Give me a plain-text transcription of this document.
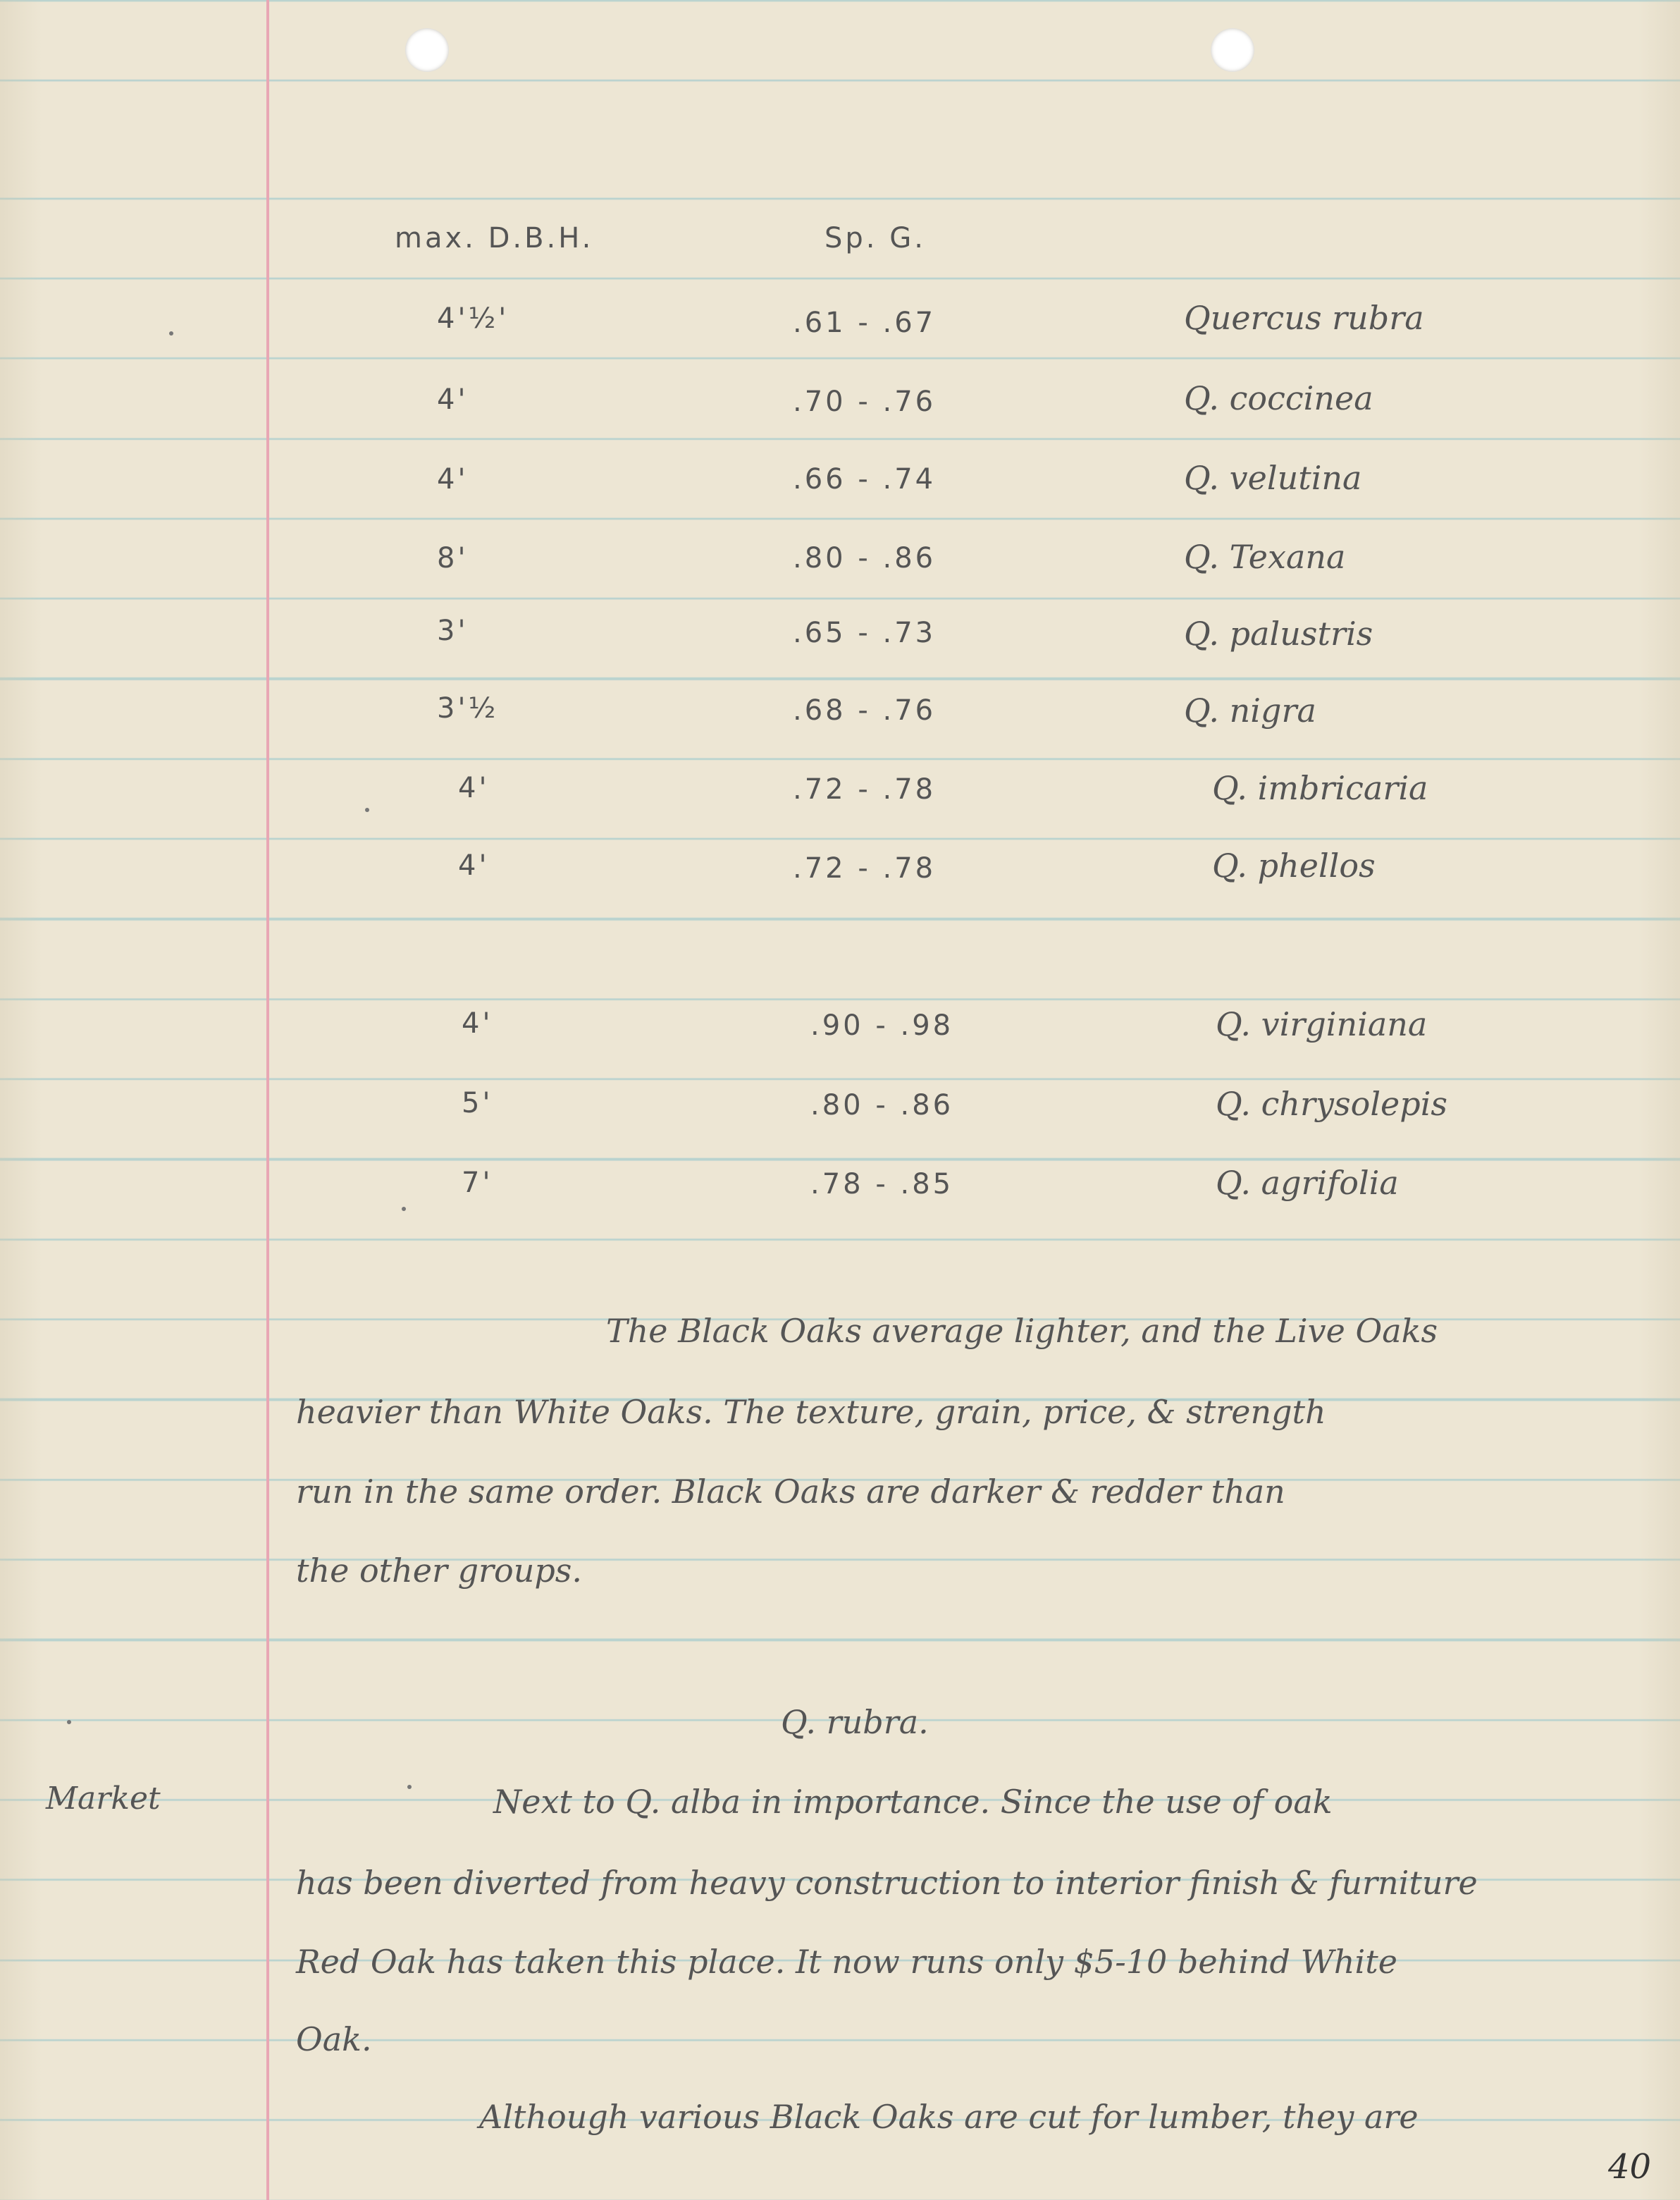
max. D.B.H.	Sp. G.
4'½'	.61 - .67	Quercus rubra
4'	.70 - .76	Q. coccinea
4'	.66 - .74	Q. velutina
8'	.80 - .86	Q. Texana
3'	.65 - .73	Q. palustris
3'½	.68 - .76	Q. nigra
4'	.72 - .78	Q. imbricaria
4'	.72 - .78	Q. phellos
4'	.90 - .98	Q. virginiana
5'	.80 - .86	Q. chrysolepis
7'	.78 - .85	Q. agrifolia
The Black Oaks average lighter, and the Live Oaks
heavier than White Oaks. The texture, grain, price, & strength
run in the same order. Black Oaks are darker & redder than
the other groups.
Q. rubra.
Market	Next to Q. alba in importance. Since the use of oak
has been diverted from heavy construction to interior finish & furniture
Red Oak has taken this place. It now runs only $5-10 behind White
Oak.
Although various Black Oaks are cut for lumber, they are
40
